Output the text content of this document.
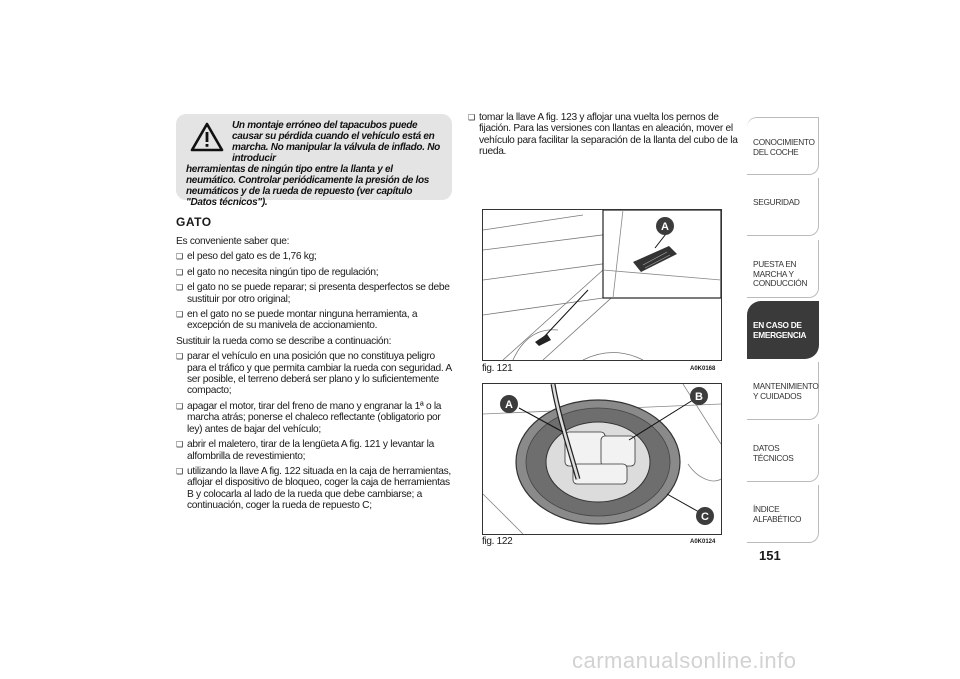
Un montaje erróneo del tapacubos puede causar su pérdida cuando el vehículo está en marcha. No manipular la válvula de inflado. No introducir
herramientas de ningún tipo entre la llanta y el neumático. Controlar periódicamente la presión de los neumáticos y de la rueda de repuesto (ver capítulo "Datos técnicos").
GATO

Es conveniente saber que:

❑ el peso del gato es de 1,76 kg;
❑ el gato no necesita ningún tipo de regulación;
❑ el gato no se puede reparar; si presenta desperfectos se debe sustituir por otro original;
❑ en el gato no se puede montar ninguna herramienta, a excepción de su manivela de accionamiento.

Sustituir la rueda como se describe a continuación:

❑ parar el vehículo en una posición que no constituya peligro para el tráfico y que permita cambiar la rueda con seguridad. A ser posible, el terreno deberá ser plano y lo suficientemente compacto;
❑ apagar el motor, tirar del freno de mano y engranar la 1ª o la marcha atrás; ponerse el chaleco reflectante (obligatorio por ley) antes de bajar del vehículo;
❑ abrir el maletero, tirar de la lengüeta A fig. 121 y levantar la alfombrilla de revestimiento;
❑ utilizando la llave A fig. 122 situada en la caja de herramientas, aflojar el dispositivo de bloqueo, coger la caja de herramientas B y colocarla al lado de la rueda que debe cambiarse; a continuación, coger la rueda de repuesto C;
❑ tomar la llave A fig. 123 y aflojar una vuelta los pernos de fijación. Para las versiones con llantas en aleación, mover el vehículo para facilitar la separación de la llanta del cubo de la rueda.
A
fig. 121	A0K0168
A
B
C
fig. 122	A0K0124
CONOCIMIENTO DEL COCHE
SEGURIDAD
PUESTA EN MARCHA Y CONDUCCIÓN
EN CASO DE EMERGENCIA
MANTENIMIENTO Y CUIDADOS
DATOS TÉCNICOS
ÍNDICE ALFABÉTICO
151
carmanualsonline.info
